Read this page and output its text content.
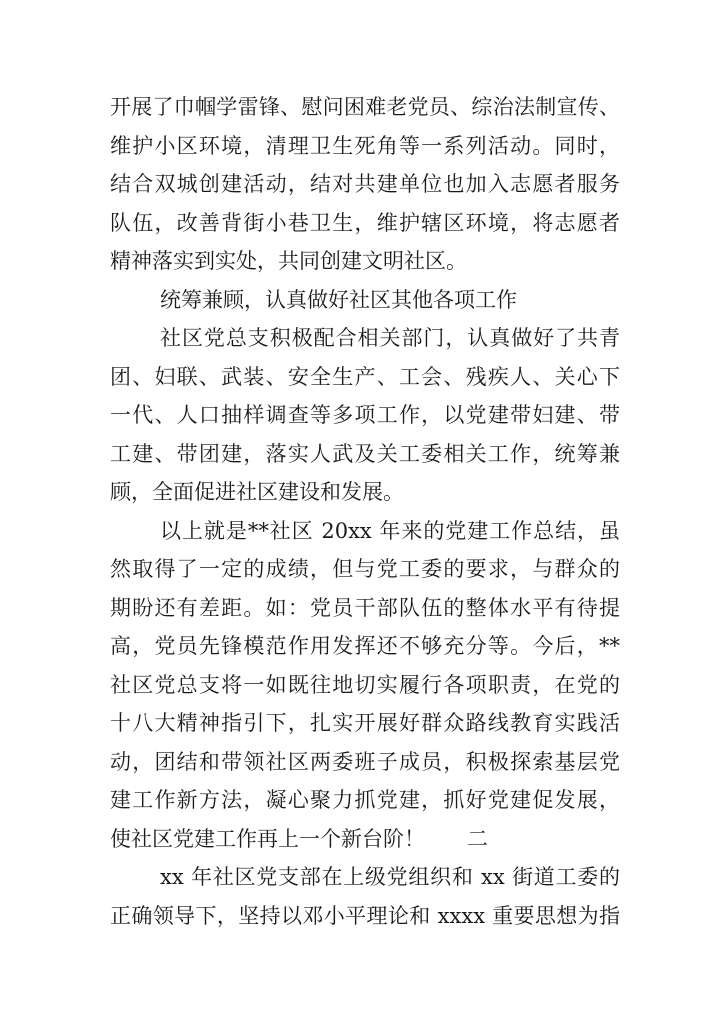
开展了巾帼学雷锋、慰问困难老党员、综治法制宣传、
维护小区环境，清理卫生死角等一系列活动。同时，
结合双城创建活动，结对共建单位也加入志愿者服务
队伍，改善背街小巷卫生，维护辖区环境，将志愿者
精神落实到实处，共同创建文明社区。
统筹兼顾，认真做好社区其他各项工作
社区党总支积极配合相关部门，认真做好了共青
团、妇联、武装、安全生产、工会、残疾人、关心下
一代、人口抽样调查等多项工作，以党建带妇建、带
工建、带团建，落实人武及关工委相关工作，统筹兼
顾，全面促进社区建设和发展。
以上就是**社区 20xx 年来的党建工作总结，虽
然取得了一定的成绩，但与党工委的要求，与群众的
期盼还有差距。如：党员干部队伍的整体水平有待提
高，党员先锋模范作用发挥还不够充分等。今后，**
社区党总支将一如既往地切实履行各项职责，在党的
十八大精神指引下，扎实开展好群众路线教育实践活
动，团结和带领社区两委班子成员，积极探索基层党
建工作新方法，凝心聚力抓党建，抓好党建促发展，
使社区党建工作再上一个新台阶！　　二
xx 年社区党支部在上级党组织和 xx 街道工委的
正确领导下，坚持以邓小平理论和 xxxx 重要思想为指
